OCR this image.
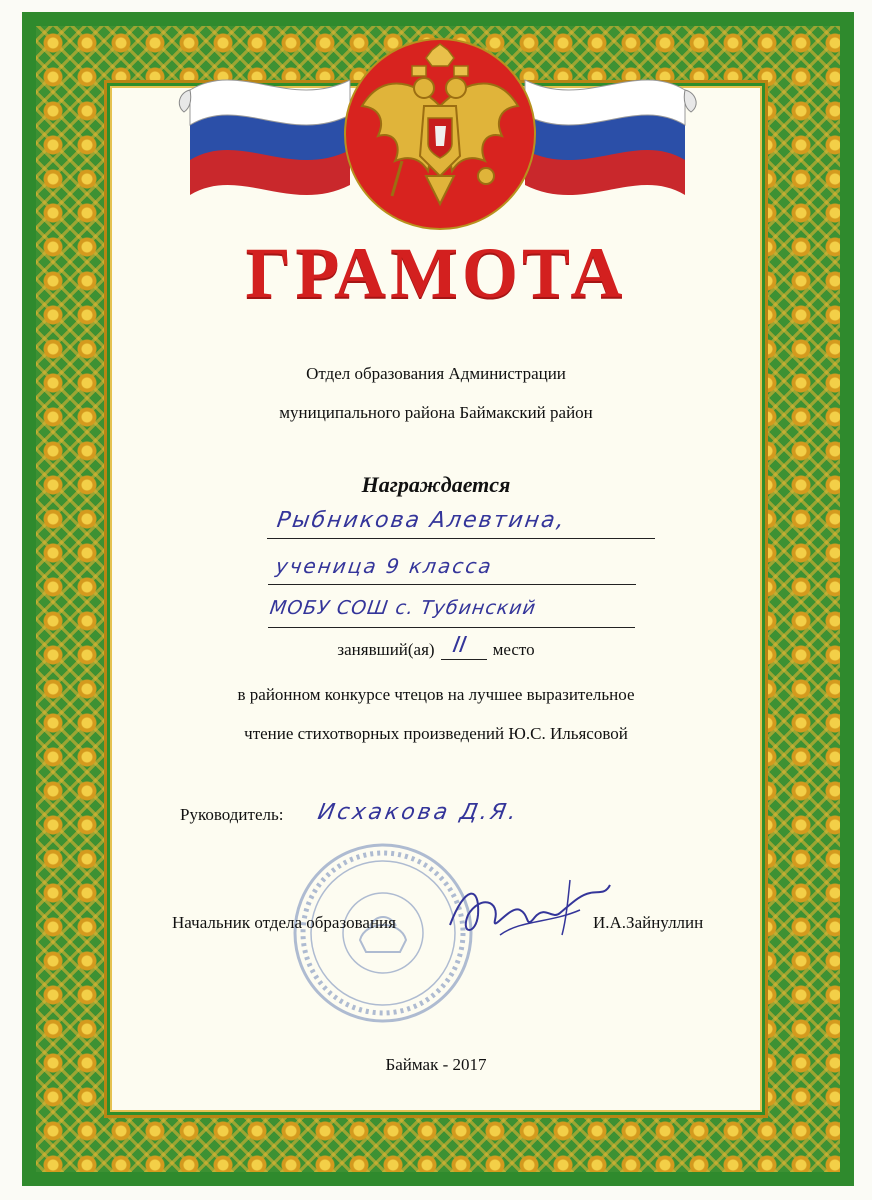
ГРАМОТА
Отдел образования Администрации
муниципального района Баймакский район
Награждается
Рыбникова Алевтина,
ученица 9 класса
МОБУ СОШ с. Тубинский
занявший(ая) II место
в районном конкурсе чтецов на лучшее выразительное
чтение стихотворных произведений Ю.С. Ильясовой
Руководитель: Исхакова Д.Я.
Начальник отдела образования	И.А.Зайнуллин
Баймак - 2017
